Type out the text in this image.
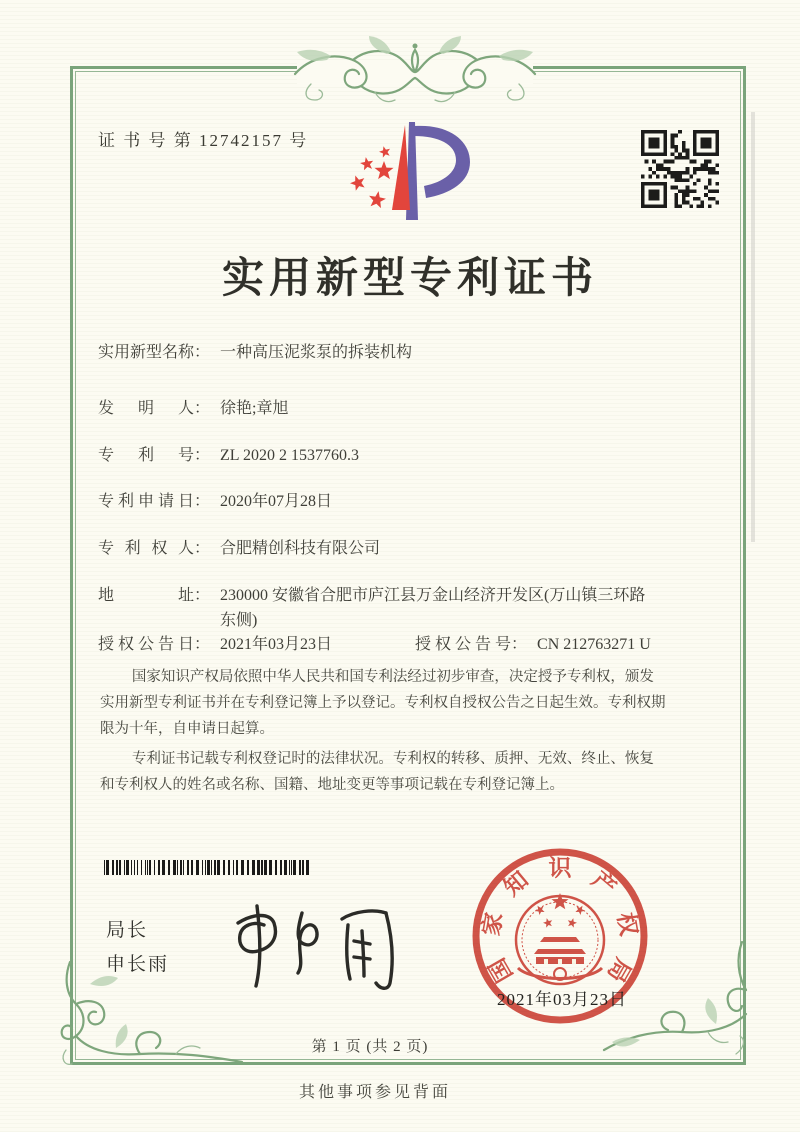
证 书 号 第 12742157 号
实用新型专利证书
实用新型名称： 一种高压泥浆泵的拆装机构
发明人： 徐艳;章旭
专利号： ZL 2020 2 1537760.3
专利申请日： 2020年07月28日
专利权人： 合肥精创科技有限公司
地址： 230000 安徽省合肥市庐江县万金山经济开发区(万山镇三环路东侧)
授权公告日： 2021年03月23日	授权公告号： CN 212763271 U

国家知识产权局依照中华人民共和国专利法经过初步审查，决定授予专利权，颁发实用新型专利证书并在专利登记簿上予以登记。专利权自授权公告之日起生效。专利权期限为十年，自申请日起算。

专利证书记载专利权登记时的法律状况。专利权的转移、质押、无效、终止、恢复和专利权人的姓名或名称、国籍、地址变更等事项记载在专利登记簿上。

局长
申长雨	国
家
知 识 产
权
局
2021年03月23日
第 1 页 (共 2 页)
其他事项参见背面
